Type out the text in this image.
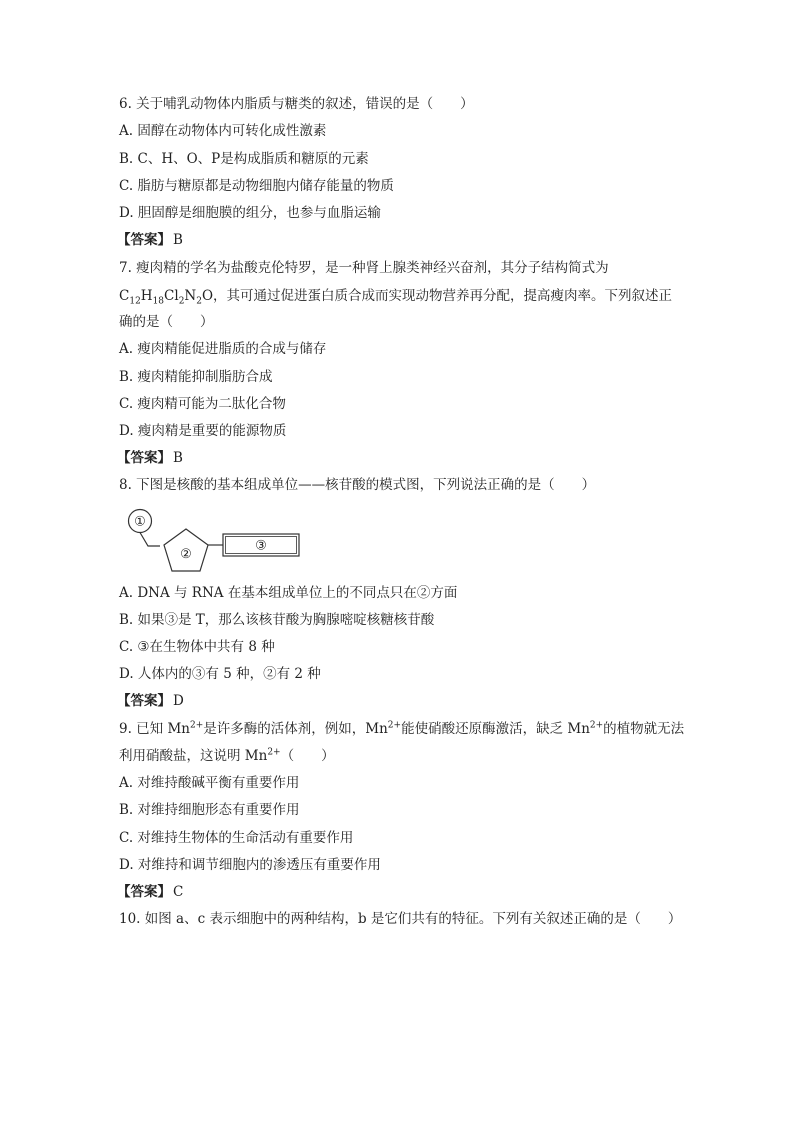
6. 关于哺乳动物体内脂质与糖类的叙述，错误的是（　　）
A. 固醇在动物体内可转化成性激素
B. C、H、O、P是构成脂质和糖原的元素
C. 脂肪与糖原都是动物细胞内储存能量的物质
D. 胆固醇是细胞膜的组分，也参与血脂运输
【答案】 B
7. 瘦肉精的学名为盐酸克伦特罗，是一种肾上腺类神经兴奋剂，其分子结构简式为
$C_{12}H_{18}Cl_2N_2O$，其可通过促进蛋白质合成而实现动物营养再分配，提高瘦肉率。下列叙述正
确的是（　　）
A. 瘦肉精能促进脂质的合成与储存
B. 瘦肉精能抑制脂肪合成
C. 瘦肉精可能为二肽化合物
D. 瘦肉精是重要的能源物质
【答案】 B
8. 下图是核酸的基本组成单位——核苷酸的模式图，下列说法正确的是（　　）
①
②
③
A. DNA 与 RNA 在基本组成单位上的不同点只在②方面
B. 如果③是 T，那么该核苷酸为胸腺嘧啶核糖核苷酸
C. ③在生物体中共有 8 种
D. 人体内的③有 5 种，②有 2 种
【答案】 D
9. 已知 $Mn^{2+}$是许多酶的活体剂，例如，$Mn^{2+}$能使硝酸还原酶激活，缺乏 $Mn^{2+}$的植物就无法
利用硝酸盐，这说明 $Mn^{2+}$（　　）
A. 对维持酸碱平衡有重要作用
B. 对维持细胞形态有重要作用
C. 对维持生物体的生命活动有重要作用
D. 对维持和调节细胞内的渗透压有重要作用
【答案】 C
10. 如图 a、c 表示细胞中的两种结构，b 是它们共有的特征。下列有关叙述正确的是（　　）
